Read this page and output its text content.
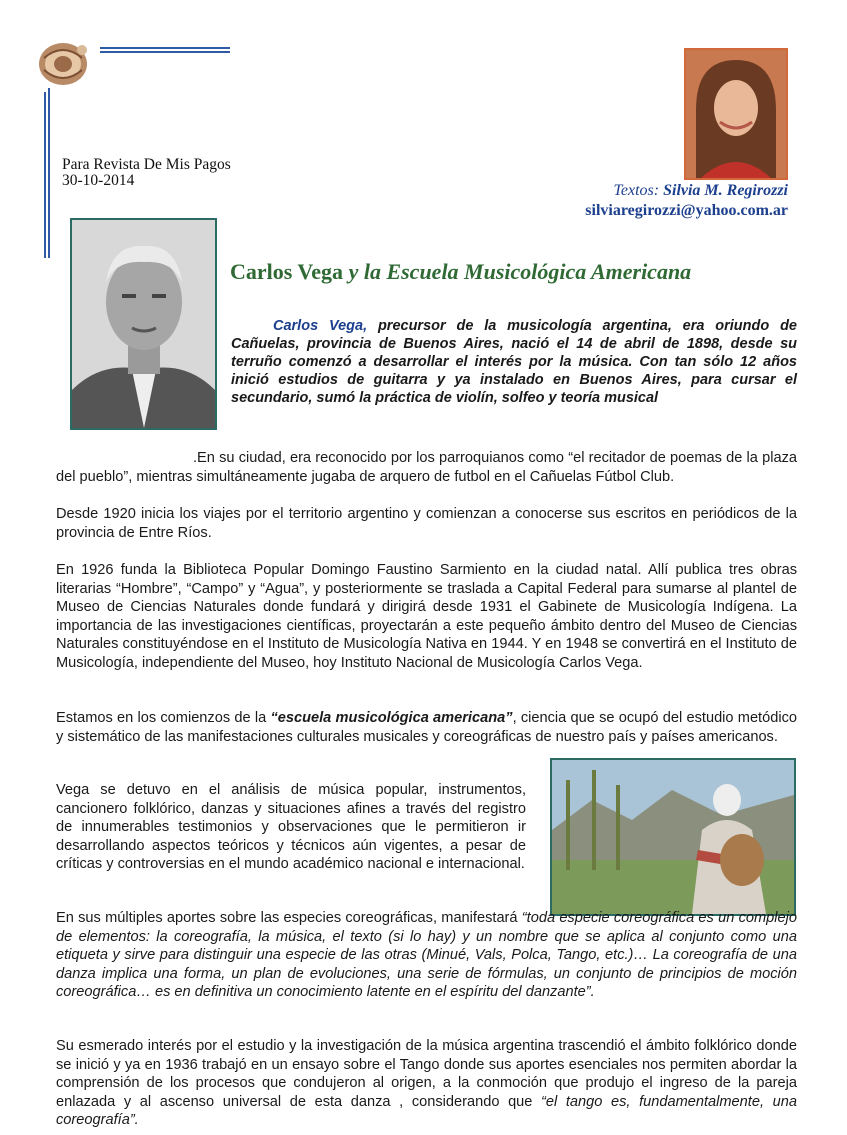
Para Revista De Mis Pagos
30-10-2014
Textos: Silvia M. Regirozzi
silviaregirozzi@yahoo.com.ar
Carlos Vega y la Escuela Musicológica Americana
Carlos Vega, precursor de la musicología argentina, era oriundo de Cañuelas, provincia de Buenos Aires, nació el 14 de abril de 1898, desde su terruño comenzó a desarrollar el interés por la música. Con tan sólo 12 años inició estudios de guitarra y ya instalado en Buenos Aires, para cursar el secundario, sumó la práctica de violín, solfeo y teoría musical
.En su ciudad, era reconocido por los parroquianos como “el recitador de poemas de la plaza del pueblo”, mientras simultáneamente jugaba de arquero de futbol en el Cañuelas Fútbol Club.
Desde 1920 inicia los viajes por el territorio argentino y comienzan a conocerse sus escritos en periódicos de la provincia de Entre Ríos.
En 1926 funda la Biblioteca Popular Domingo Faustino Sarmiento en la ciudad natal. Allí publica tres obras literarias “Hombre”, “Campo” y “Agua”, y posteriormente se traslada a Capital Federal para sumarse al plantel de Museo de Ciencias Naturales donde fundará y dirigirá desde 1931 el Gabinete de Musicología Indígena. La importancia de las investigaciones científicas, proyectarán a este pequeño ámbito dentro del Museo de Ciencias Naturales constituyéndose en el Instituto de Musicología Nativa en 1944. Y en 1948 se convertirá en el Instituto de Musicología, independiente del Museo, hoy Instituto Nacional de Musicología Carlos Vega.
Estamos en los comienzos de la “escuela musicológica americana”, ciencia que se ocupó del estudio metódico y sistemático de las manifestaciones culturales musicales y coreográficas de nuestro país y países americanos.
Vega se detuvo en el análisis de música popular, instrumentos, cancionero folklórico, danzas y situaciones afines a través del registro de innumerables testimonios y observaciones que le permitieron ir desarrollando aspectos teóricos y técnicos aún vigentes, a pesar de críticas y controversias en el mundo académico nacional e internacional.
En sus múltiples aportes sobre las especies coreográficas, manifestará “toda especie coreográfica es un complejo de elementos: la coreografía, la música, el texto (si lo hay) y un nombre que se aplica al conjunto como una etiqueta y sirve para distinguir una especie de las otras (Minué, Vals, Polca, Tango, etc.)… La coreografía de una danza implica una forma, un plan de evoluciones, una serie de fórmulas, un conjunto de principios de moción coreográfica… es en definitiva un conocimiento latente en el espíritu del danzante”.
Su esmerado interés por el estudio y la investigación de la música argentina trascendió el ámbito folklórico donde se inició y ya en 1936 trabajó en un ensayo sobre el Tango donde sus aportes esenciales nos permiten abordar la comprensión de los procesos que condujeron al origen, a la conmoción que produjo el ingreso de la pareja enlazada y al ascenso universal de esta danza , considerando que “el tango es, fundamentalmente, una coreografía”.
